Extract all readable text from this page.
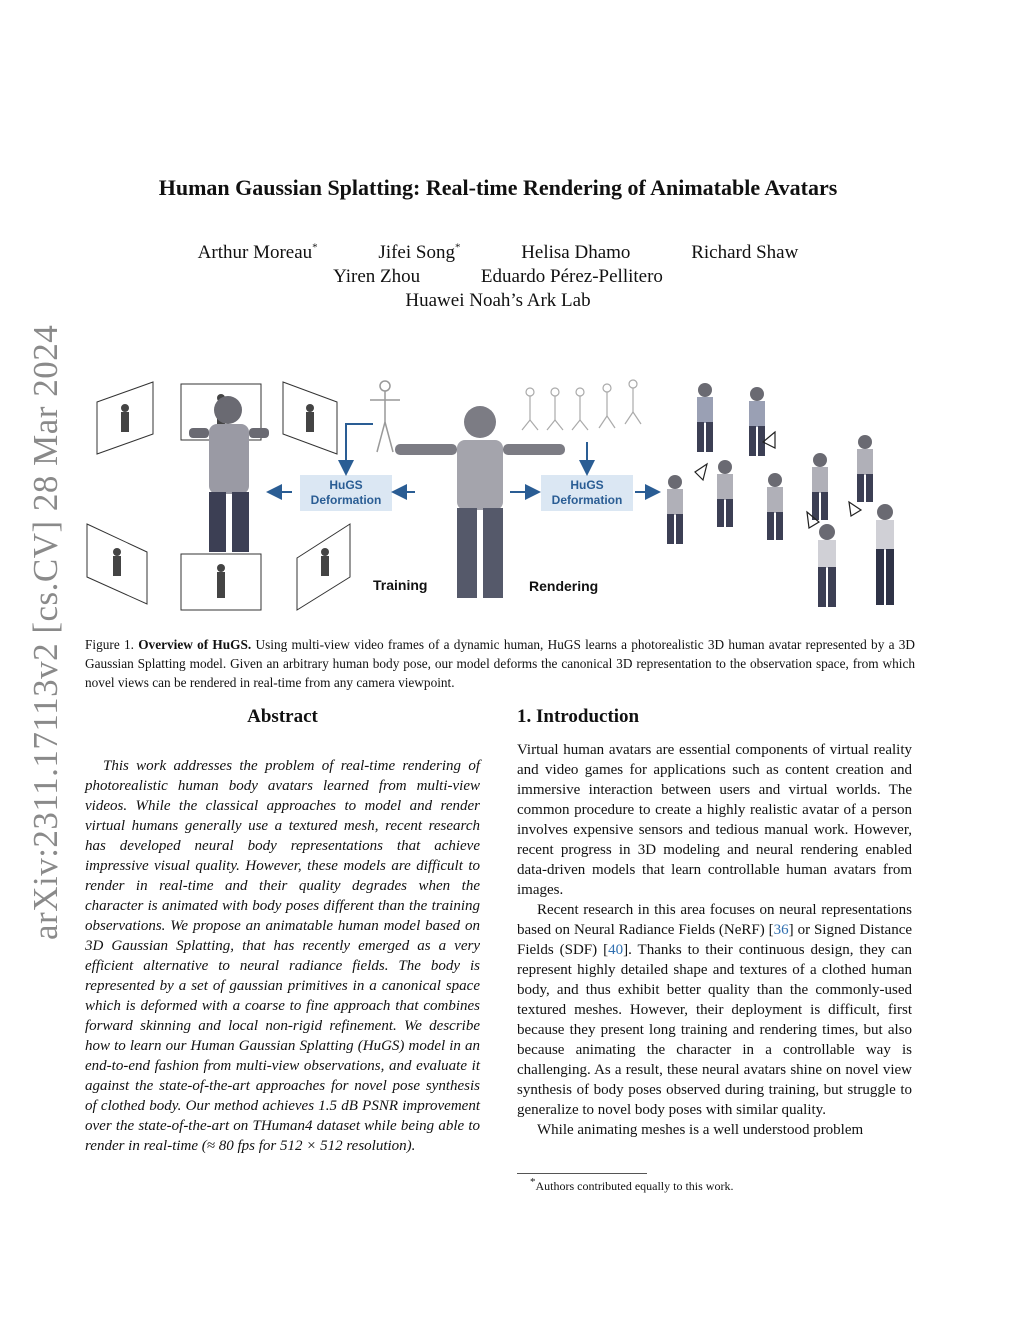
arXiv:2311.17113v2 [cs.CV] 28 Mar 2024
Human Gaussian Splatting: Real-time Rendering of Animatable Avatars
Arthur Moreau*	Jifei Song*	Helisa Dhamo	Richard Shaw
Yiren Zhou	Eduardo Pérez-Pellitero
Huawei Noah’s Ark Lab
HuGS
Deformation
HuGS
Deformation
Training	Rendering
Figure 1. Overview of HuGS. Using multi-view video frames of a dynamic human, HuGS learns a photorealistic 3D human avatar represented by a 3D Gaussian Splatting model. Given an arbitrary human body pose, our model deforms the canonical 3D representation to the observation space, from which novel views can be rendered in real-time from any camera viewpoint.
Abstract
This work addresses the problem of real-time rendering of photorealistic human body avatars learned from multi-view videos. While the classical approaches to model and render virtual humans generally use a textured mesh, recent research has developed neural body representations that achieve impressive visual quality. However, these models are difficult to render in real-time and their quality degrades when the character is animated with body poses different than the training observations. We propose an animatable human model based on 3D Gaussian Splatting, that has recently emerged as a very efficient alternative to neural radiance fields. The body is represented by a set of gaussian primitives in a canonical space which is deformed with a coarse to fine approach that combines forward skinning and local non-rigid refinement. We describe how to learn our Human Gaussian Splatting (HuGS) model in an end-to-end fashion from multi-view observations, and evaluate it against the state-of-the-art approaches for novel pose synthesis of clothed body. Our method achieves 1.5 dB PSNR improvement over the state-of-the-art on THuman4 dataset while being able to render in real-time (≈ 80 fps for 512 × 512 resolution).
1. Introduction

Virtual human avatars are essential components of virtual reality and video games for applications such as content creation and immersive interaction between users and virtual worlds. The common procedure to create a highly realistic avatar of a person involves expensive sensors and tedious manual work. However, recent progress in 3D modeling and neural rendering enabled data-driven models that learn controllable human avatars from images.

Recent research in this area focuses on neural representations based on Neural Radiance Fields (NeRF) [36] or Signed Distance Fields (SDF) [40]. Thanks to their continuous design, they can represent highly detailed shape and textures of a clothed human body, and thus exhibit better quality than the commonly-used textured meshes. However, their deployment is difficult, first because they present long training and rendering times, but also because animating the character in a controllable way is challenging. As a result, these neural avatars shine on novel view synthesis of body poses observed during training, but struggle to generalize to novel body poses with similar quality.

While animating meshes is a well understood problem

*Authors contributed equally to this work.
